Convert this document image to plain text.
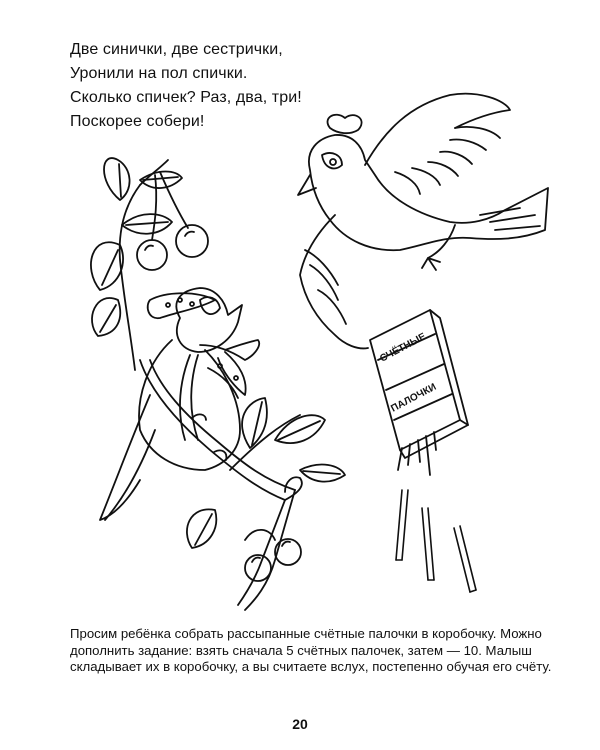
Две синички, две сестрички,
Уронили на пол спички.
Сколько спичек? Раз, два, три!
Поскорее собери!
СЧЁТНЫЕ
ПАЛОЧКИ

Просим ребёнка собрать рассыпанные счётные палочки в коробочку. Можно дополнить задание: взять сначала 5 счётных палочек, затем — 10. Малыш складывает их в коробочку, а вы считаете вслух, постепенно обучая его счёту.

20
